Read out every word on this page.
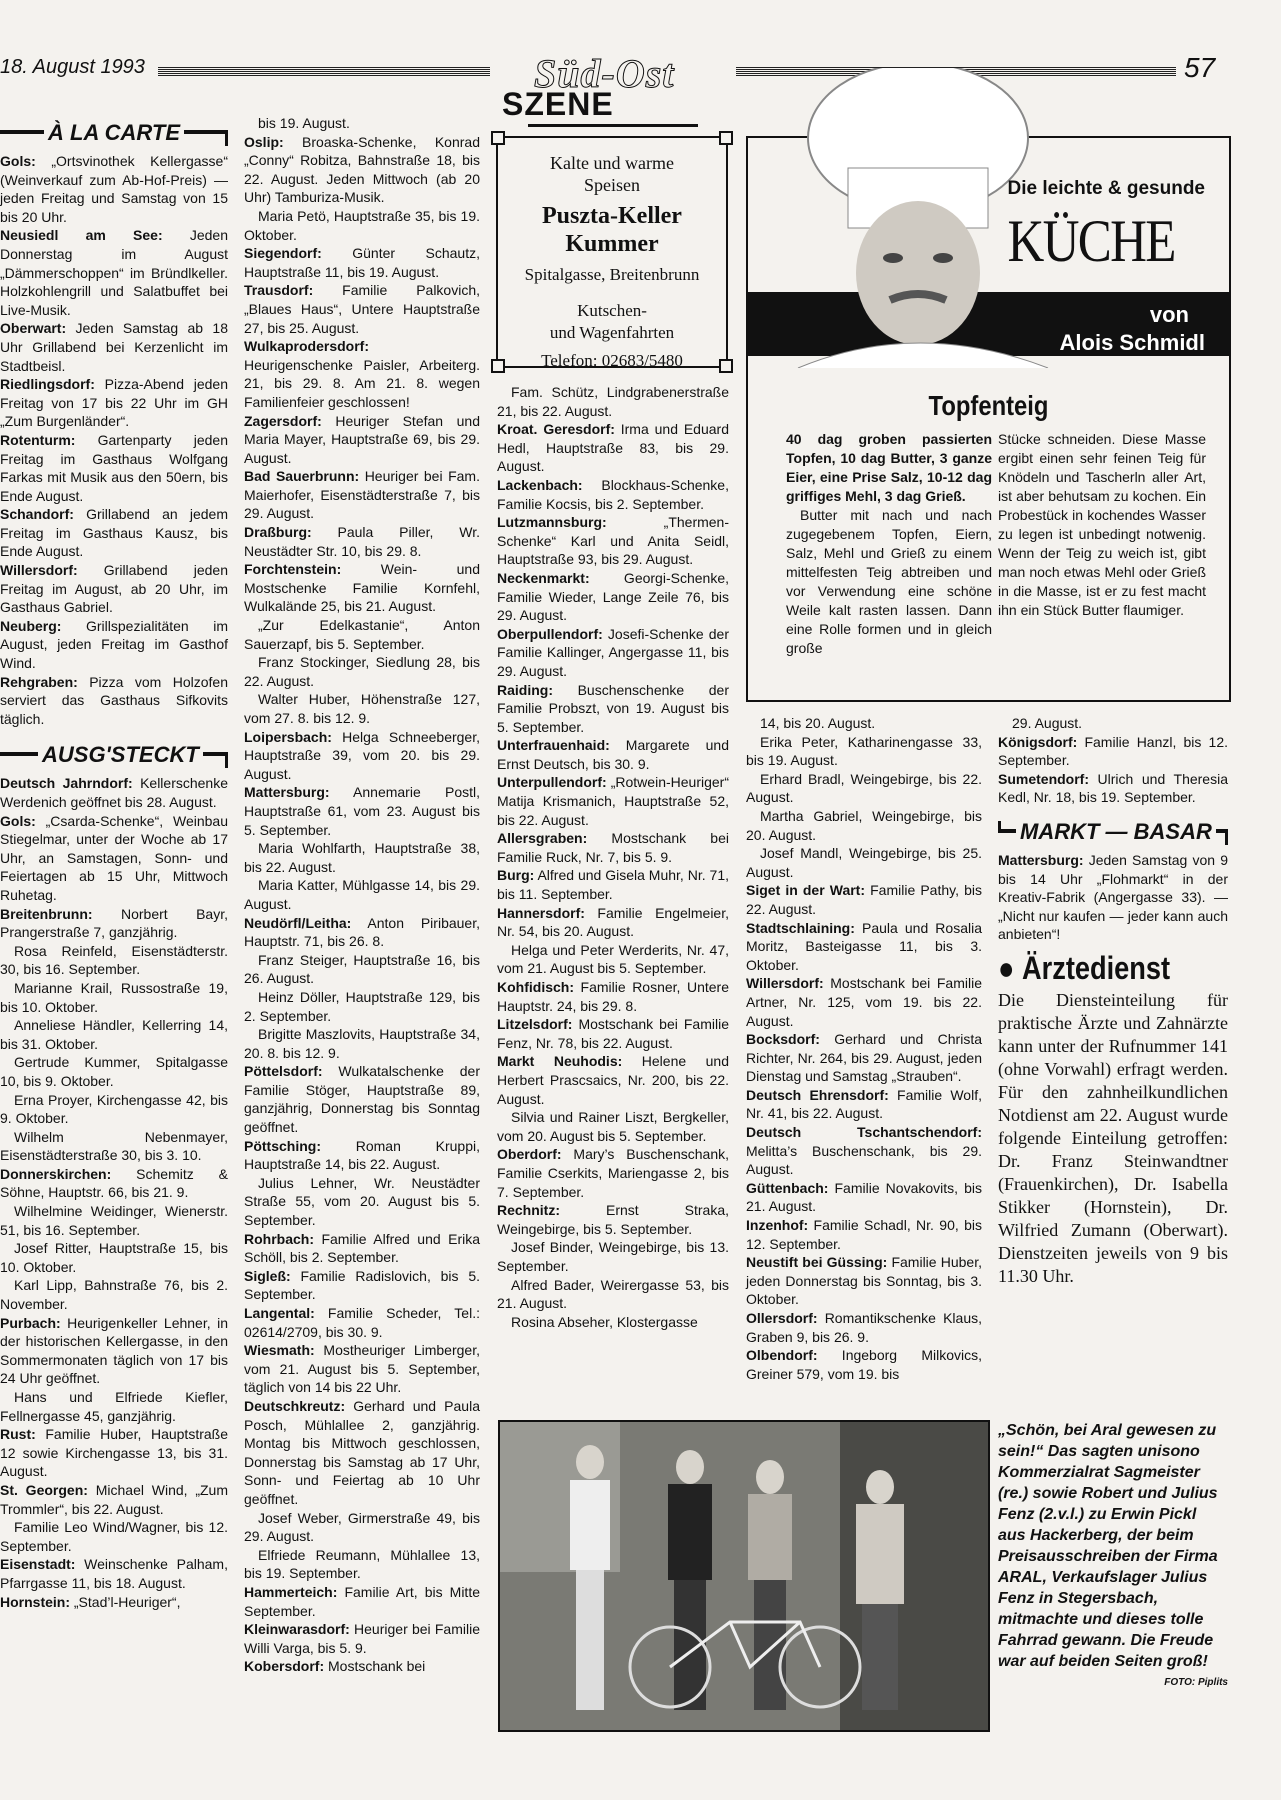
18. August 1993	Süd-Ost
SZENE
57
À LA CARTE

Gols: „Ortsvinothek Kellergasse“ (Weinverkauf zum Ab-Hof-Preis) — jeden Freitag und Samstag von 15 bis 20 Uhr.

Neusiedl am See: Jeden Donnerstag im August „Dämmerschoppen“ im Bründlkeller. Holzkohlengrill und Salatbuffet bei Live-Musik.

Oberwart: Jeden Samstag ab 18 Uhr Grillabend bei Kerzenlicht im Stadtbeisl.

Riedlingsdorf: Pizza-Abend jeden Freitag von 17 bis 22 Uhr im GH „Zum Burgenländer“.

Rotenturm: Gartenparty jeden Freitag im Gasthaus Wolfgang Farkas mit Musik aus den 50ern, bis Ende August.

Schandorf: Grillabend an jedem Freitag im Gasthaus Kausz, bis Ende August.

Willersdorf: Grillabend jeden Freitag im August, ab 20 Uhr, im Gasthaus Gabriel.

Neuberg: Grillspezialitäten im August, jeden Freitag im Gasthof Wind.

Rehgraben: Pizza vom Holzofen serviert das Gasthaus Sifkovits täglich.

AUSG'STECKT

Deutsch Jahrndorf: Kellerschenke Werdenich geöffnet bis 28. August.

Gols: „Csarda-Schenke“, Weinbau Stiegelmar, unter der Woche ab 17 Uhr, an Samstagen, Sonn- und Feiertagen ab 15 Uhr, Mittwoch Ruhetag.

Breitenbrunn: Norbert Bayr, Prangerstraße 7, ganzjährig.

Rosa Reinfeld, Eisenstädterstr. 30, bis 16. September.

Marianne Krail, Russostraße 19, bis 10. Oktober.

Anneliese Händler, Kellerring 14, bis 31. Oktober.

Gertrude Kummer, Spitalgasse 10, bis 9. Oktober.

Erna Proyer, Kirchengasse 42, bis 9. Oktober.

Wilhelm Nebenmayer, Eisenstädterstraße 30, bis 3. 10.

Donnerskirchen: Schemitz & Söhne, Hauptstr. 66, bis 21. 9.

Wilhelmine Weidinger, Wienerstr. 51, bis 16. September.

Josef Ritter, Hauptstraße 15, bis 10. Oktober.

Karl Lipp, Bahnstraße 76, bis 2. November.

Purbach: Heurigenkeller Lehner, in der historischen Kellergasse, in den Sommermonaten täglich von 17 bis 24 Uhr geöffnet.

Hans und Elfriede Kiefler, Fellnergasse 45, ganzjährig.

Rust: Familie Huber, Hauptstraße 12 sowie Kirchengasse 13, bis 31. August.

St. Georgen: Michael Wind, „Zum Trommler“, bis 22. August.

Familie Leo Wind/Wagner, bis 12. September.

Eisenstadt: Weinschenke Palham, Pfarrgasse 11, bis 18. August.

Hornstein: „Stad’l-Heuriger“,

bis 19. August.

Oslip: Broaska-Schenke, Konrad „Conny“ Robitza, Bahnstraße 18, bis 22. August. Jeden Mittwoch (ab 20 Uhr) Tamburiza-Musik.

Maria Petö, Hauptstraße 35, bis 19. Oktober.

Siegendorf: Günter Schautz, Hauptstraße 11, bis 19. August.

Trausdorf: Familie Palkovich, „Blaues Haus“, Untere Hauptstraße 27, bis 25. August.

Wulkaprodersdorf: Heurigenschenke Paisler, Arbeiterg. 21, bis 29. 8. Am 21. 8. wegen Familienfeier geschlossen!

Zagersdorf: Heuriger Stefan und Maria Mayer, Hauptstraße 69, bis 29. August.

Bad Sauerbrunn: Heuriger bei Fam. Maierhofer, Eisenstädterstraße 7, bis 29. August.

Draßburg: Paula Piller, Wr. Neustädter Str. 10, bis 29. 8.

Forchtenstein: Wein- und Mostschenke Familie Kornfehl, Wulkalände 25, bis 21. August.

„Zur Edelkastanie“, Anton Sauerzapf, bis 5. September.

Franz Stockinger, Siedlung 28, bis 22. August.

Walter Huber, Höhenstraße 127, vom 27. 8. bis 12. 9.

Loipersbach: Helga Schneeberger, Hauptstraße 39, vom 20. bis 29. August.

Mattersburg: Annemarie Postl, Hauptstraße 61, vom 23. August bis 5. September.

Maria Wohlfarth, Hauptstraße 38, bis 22. August.

Maria Katter, Mühlgasse 14, bis 29. August.

Neudörfl/Leitha: Anton Piribauer, Hauptstr. 71, bis 26. 8.

Franz Steiger, Hauptstraße 16, bis 26. August.

Heinz Döller, Hauptstraße 129, bis 2. September.

Brigitte Maszlovits, Hauptstraße 34, 20. 8. bis 12. 9.

Pöttelsdorf: Wulkatalschenke der Familie Stöger, Hauptstraße 89, ganzjährig, Donnerstag bis Sonntag geöffnet.

Pöttsching: Roman Kruppi, Hauptstraße 14, bis 22. August.

Julius Lehner, Wr. Neustädter Straße 55, vom 20. August bis 5. September.

Rohrbach: Familie Alfred und Erika Schöll, bis 2. September.

Sigleß: Familie Radislovich, bis 5. September.

Langental: Familie Scheder, Tel.: 02614/2709, bis 30. 9.

Wiesmath: Mostheuriger Limberger, vom 21. August bis 5. September, täglich von 14 bis 22 Uhr.

Deutschkreutz: Gerhard und Paula Posch, Mühlallee 2, ganzjährig. Montag bis Mittwoch geschlossen, Donnerstag bis Samstag ab 17 Uhr, Sonn- und Feiertag ab 10 Uhr geöffnet.

Josef Weber, Girmerstraße 49, bis 29. August.

Elfriede Reumann, Mühlallee 13, bis 19. September.

Hammerteich: Familie Art, bis Mitte September.

Kleinwarasdorf: Heuriger bei Familie Willi Varga, bis 5. 9.

Kobersdorf: Mostschank bei

Kalte und warme
Speisen
Puszta-Keller
Kummer
Spitalgasse, Breitenbrunn
Kutschen-
und Wagenfahrten
Telefon: 02683/5480

Fam. Schütz, Lindgrabenerstraße 21, bis 22. August.

Kroat. Geresdorf: Irma und Eduard Hedl, Hauptstraße 83, bis 29. August.

Lackenbach: Blockhaus-Schenke, Familie Kocsis, bis 2. September.

Lutzmannsburg: „Thermen-Schenke“ Karl und Anita Seidl, Hauptstraße 93, bis 29. August.

Neckenmarkt: Georgi-Schenke, Familie Wieder, Lange Zeile 76, bis 29. August.

Oberpullendorf: Josefi-Schenke der Familie Kallinger, Angergasse 11, bis 29. August.

Raiding: Buschenschenke der Familie Probszt, von 19. August bis 5. September.

Unterfrauenhaid: Margarete und Ernst Deutsch, bis 30. 9.

Unterpullendorf: „Rotwein-Heuriger“ Matija Krismanich, Hauptstraße 52, bis 22. August.

Allersgraben: Mostschank bei Familie Ruck, Nr. 7, bis 5. 9.

Burg: Alfred und Gisela Muhr, Nr. 71, bis 11. September.

Hannersdorf: Familie Engelmeier, Nr. 54, bis 20. August.

Helga und Peter Werderits, Nr. 47, vom 21. August bis 5. September.

Kohfidisch: Familie Rosner, Untere Hauptstr. 24, bis 29. 8.

Litzelsdorf: Mostschank bei Familie Fenz, Nr. 78, bis 22. August.

Markt Neuhodis: Helene und Herbert Prascsaics, Nr. 200, bis 22. August.

Silvia und Rainer Liszt, Bergkeller, vom 20. August bis 5. September.

Oberdorf: Mary’s Buschenschank, Familie Cserkits, Mariengasse 2, bis 7. September.

Rechnitz: Ernst Straka, Weingebirge, bis 5. September.

Josef Binder, Weingebirge, bis 13. September.

Alfred Bader, Weirergasse 53, bis 21. August.

Rosina Abseher, Klostergasse

Die leichte & gesunde
KÜCHE
von
Alois Schmidl
Topfenteig
40 dag groben passierten Topfen, 10 dag Butter, 3 ganze Eier, eine Prise Salz, 10-12 dag griffiges Mehl, 3 dag Grieß.
Butter mit nach und nach zugegebenem Topfen, Eiern, Salz, Mehl und Grieß zu einem mittelfesten Teig abtreiben und vor Verwendung eine schöne Weile kalt rasten lassen. Dann eine Rolle formen und in gleich große
Stücke schneiden. Diese Masse ergibt einen sehr feinen Teig für Knödeln und Tascherln aller Art, ist aber behutsam zu kochen. Ein Probestück in kochendes Wasser zu legen ist unbedingt notwenig. Wenn der Teig zu weich ist, gibt man noch etwas Mehl oder Grieß in die Masse, ist er zu fest macht ihn ein Stück Butter flaumiger.

14, bis 20. August.

Erika Peter, Katharinengasse 33, bis 19. August.

Erhard Bradl, Weingebirge, bis 22. August.

Martha Gabriel, Weingebirge, bis 20. August.

Josef Mandl, Weingebirge, bis 25. August.

Siget in der Wart: Familie Pathy, bis 22. August.

Stadtschlaining: Paula und Rosalia Moritz, Basteigasse 11, bis 3. Oktober.

Willersdorf: Mostschank bei Familie Artner, Nr. 125, vom 19. bis 22. August.

Bocksdorf: Gerhard und Christa Richter, Nr. 264, bis 29. August, jeden Dienstag und Samstag „Strauben“.

Deutsch Ehrensdorf: Familie Wolf, Nr. 41, bis 22. August.

Deutsch Tschantschendorf: Melitta’s Buschenschank, bis 29. August.

Güttenbach: Familie Novakovits, bis 21. August.

Inzenhof: Familie Schadl, Nr. 90, bis 12. September.

Neustift bei Güssing: Familie Huber, jeden Donnerstag bis Sonntag, bis 3. Oktober.

Ollersdorf: Romantikschenke Klaus, Graben 9, bis 26. 9.

Olbendorf: Ingeborg Milkovics, Greiner 579, vom 19. bis

29. August.

Königsdorf: Familie Hanzl, bis 12. September.

Sumetendorf: Ulrich und Theresia Kedl, Nr. 18, bis 19. September.

MARKT — BASAR

Mattersburg: Jeden Samstag von 9 bis 14 Uhr „Flohmarkt“ in der Kreativ-Fabrik (Angergasse 33). — „Nicht nur kaufen — jeder kann auch anbieten“!

● Ärztedienst
Die Diensteinteilung für praktische Ärzte und Zahnärzte kann unter der Rufnummer 141 (ohne Vorwahl) erfragt werden. Für den zahnheilkundlichen Notdienst am 22. August wurde folgende Einteilung getroffen: Dr. Franz Steinwandtner (Frauenkirchen), Dr. Isabella Stikker (Hornstein), Dr. Wilfried Zumann (Oberwart). Dienstzeiten jeweils von 9 bis 11.30 Uhr.
„Schön, bei Aral gewesen zu sein!“ Das sagten unisono Kommerzialrat Sagmeister (re.) sowie Robert und Julius Fenz (2.v.l.) zu Erwin Pickl aus Hackerberg, der beim Preisausschreiben der Firma ARAL, Verkaufslager Julius Fenz in Stegersbach, mitmachte und dieses tolle Fahrrad gewann. Die Freude war auf beiden Seiten groß!
FOTO: Piplits
